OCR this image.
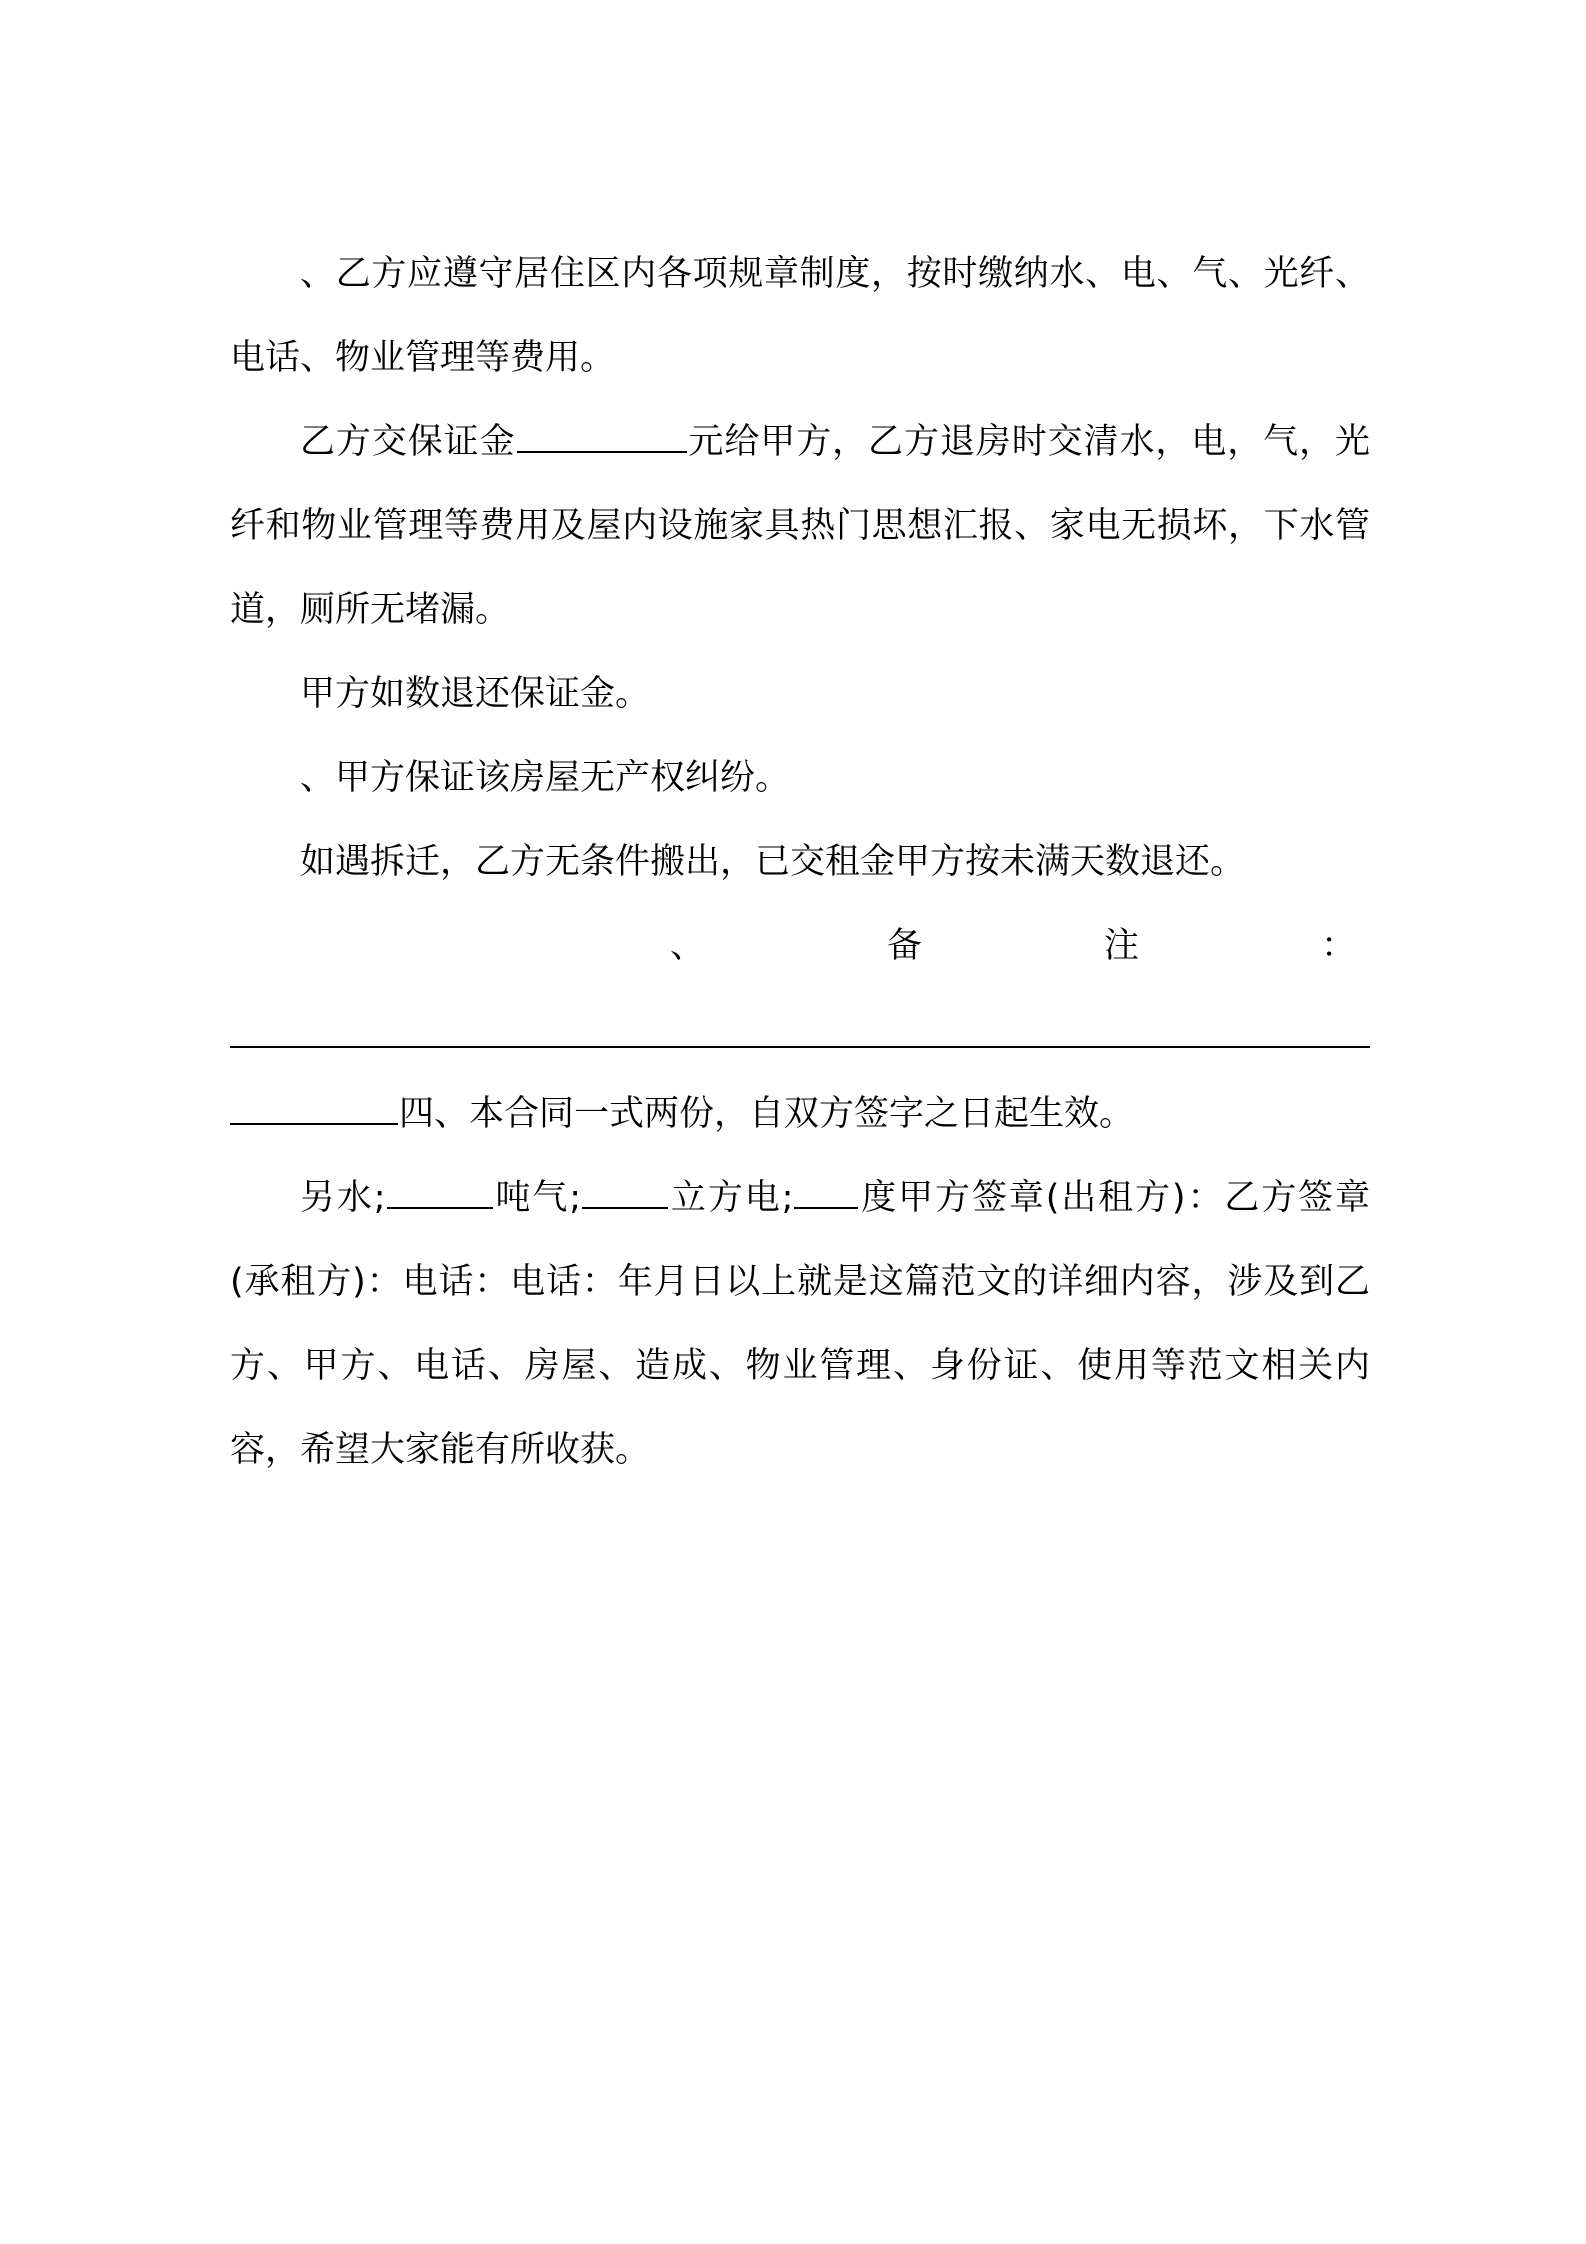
、乙方应遵守居住区内各项规章制度，按时缴纳水、电、气、光纤、电话、物业管理等费用。

乙方交保证金	元给甲方，乙方退房时交清水，电，气，光纤和物业管理等费用及屋内设施家具热门思想汇报、家电无损坏，下水管道，厕所无堵漏。

甲方如数退还保证金。

、甲方保证该房屋无产权纠纷。

如遇拆迁，乙方无条件搬出，已交租金甲方按未满天数退还。

、	备	注	：

四、本合同一式两份，自双方签字之日起生效。

另水;	吨气;	立方电; 度甲方签章(出租方)：乙方签章(承租方)：电话：电话：年月日以上就是这篇范文的详细内容，涉及到乙方、甲方、电话、房屋、造成、物业管理、身份证、使用等范文相关内容，希望大家能有所收获。
